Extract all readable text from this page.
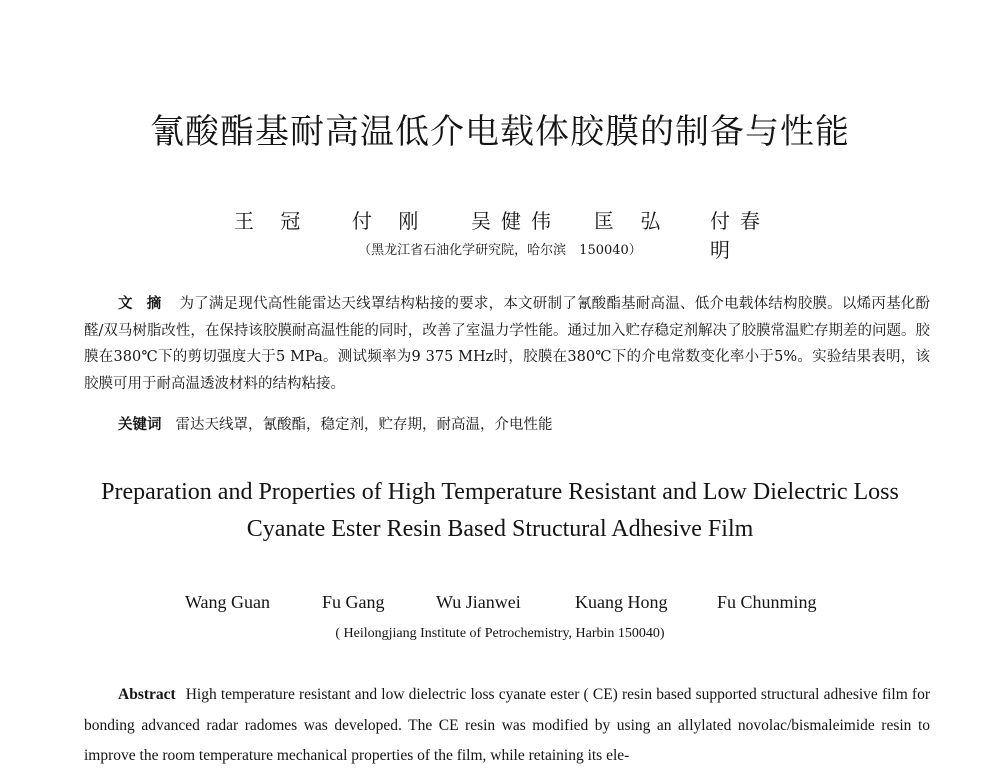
氰酸酯基耐高温低介电载体胶膜的制备与性能
王 冠 付 刚 吴健伟 匡 弘 付春明
（黑龙江省石油化学研究院，哈尔滨　150040）
文摘 为了满足现代高性能雷达天线罩结构粘接的要求，本文研制了氰酸酯基耐高温、低介电载体结构胶膜。以烯丙基化酚醛/双马树脂改性，在保持该胶膜耐高温性能的同时，改善了室温力学性能。通过加入贮存稳定剂解决了胶膜常温贮存期差的问题。胶膜在380℃下的剪切强度大于5 MPa。测试频率为9 375 MHz时，胶膜在380℃下的介电常数变化率小于5%。实验结果表明，该胶膜可用于耐高温透波材料的结构粘接。
关键词 雷达天线罩，氰酸酯，稳定剂，贮存期，耐高温，介电性能
Preparation and Properties of High Temperature Resistant and Low Dielectric Loss Cyanate Ester Resin Based Structural Adhesive Film
Wang Guan	Fu Gang	Wu Jianwei	Kuang Hong	Fu Chunming
( Heilongjiang Institute of Petrochemistry, Harbin 150040)
Abstract High temperature resistant and low dielectric loss cyanate ester ( CE) resin based supported structural adhesive film for bonding advanced radar radomes was developed. The CE resin was modified by using an allylated novolac/bismaleimide resin to improve the room temperature mechanical properties of the film, while retaining its ele-
